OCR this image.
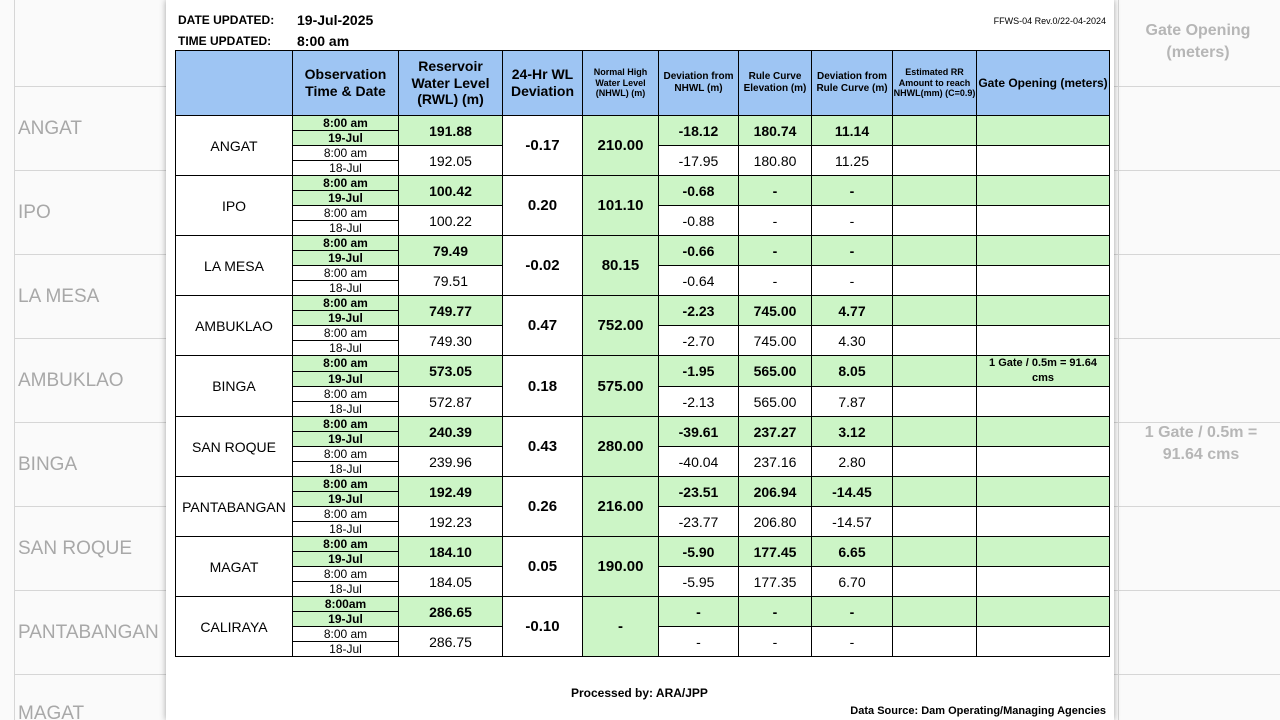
Gate Opening (meters)
ANGAT
IPO
LA MESA
AMBUKLAO
BINGA
SAN ROQUE
PANTABANGAN
MAGAT
1 Gate / 0.5m = 91.64 cms
DATE UPDATED: 19-Jul-2025
TIME UPDATED: 8:00 am
FFWS-04 Rev.0/22-04-2024
	Observation Time & Date	Reservoir Water Level (RWL) (m)	24-Hr WL Deviation	Normal High Water Level (NHWL) (m)	Deviation from NHWL (m)	Rule Curve Elevation (m)	Deviation from Rule Curve (m)	Estimated RR Amount to reach NHWL(mm) (C=0.9)	Gate Opening (meters)
ANGAT	8:00 am	191.88	-0.17	210.00	-18.12	180.74	11.14		
	19-Jul								
	8:00 am	192.05			-17.95	180.80	11.25		
	18-Jul								
IPO	8:00 am	100.42	0.20	101.10	-0.68	-	-		
	19-Jul								
	8:00 am	100.22			-0.88	-	-		
	18-Jul								
LA MESA	8:00 am	79.49	-0.02	80.15	-0.66	-	-		
	19-Jul								
	8:00 am	79.51			-0.64	-	-		
	18-Jul								
AMBUKLAO	8:00 am	749.77	0.47	752.00	-2.23	745.00	4.77		
	19-Jul								
	8:00 am	749.30			-2.70	745.00	4.30		
	18-Jul								
BINGA	8:00 am	573.05	0.18	575.00	-1.95	565.00	8.05		1 Gate / 0.5m = 91.64 cms
	19-Jul								
	8:00 am	572.87			-2.13	565.00	7.87		
	18-Jul								
SAN ROQUE	8:00 am	240.39	0.43	280.00	-39.61	237.27	3.12		
	19-Jul								
	8:00 am	239.96			-40.04	237.16	2.80		
	18-Jul								
PANTABANGAN	8:00 am	192.49	0.26	216.00	-23.51	206.94	-14.45		
	19-Jul								
	8:00 am	192.23			-23.77	206.80	-14.57		
	18-Jul								
MAGAT	8:00 am	184.10	0.05	190.00	-5.90	177.45	6.65		
	19-Jul								
	8:00 am	184.05			-5.95	177.35	6.70		
	18-Jul								
CALIRAYA	8:00am	286.65	-0.10	-	-	-	-		
	19-Jul								
	8:00 am	286.75			-	-	-		
	18-Jul								
Processed by: ARA/JPP
Data Source: Dam Operating/Managing Agencies
